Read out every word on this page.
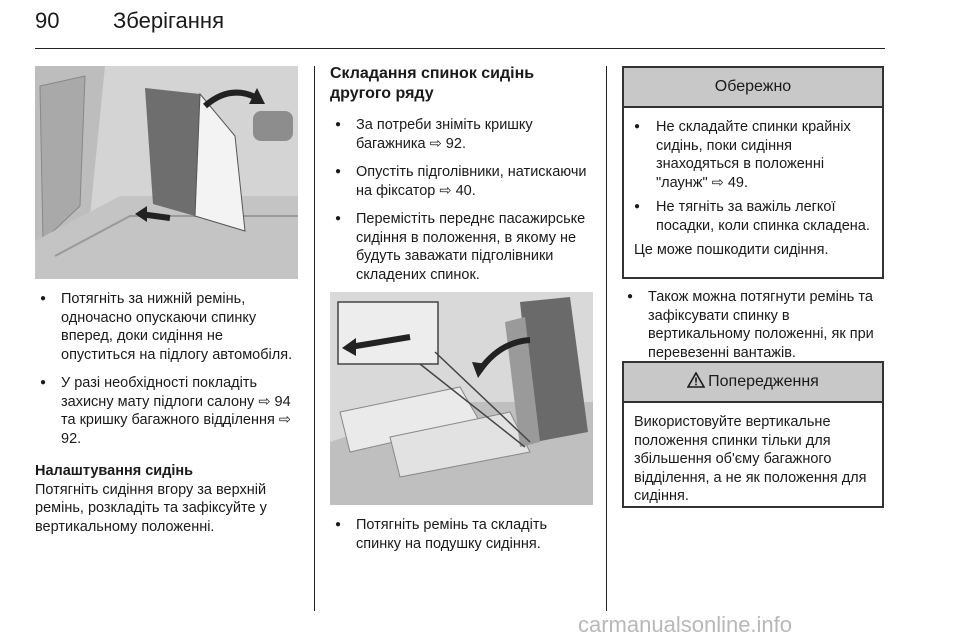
90 Зберігання
● Потягніть за нижній ремінь, одночасно опускаючи спинку вперед, доки сидіння не опуститься на підлогу автомобіля.
● У разі необхідності покладіть захисну мату підлоги салону ⇨ 94 та кришку багажного відділення ⇨ 92.
Налаштування сидінь
Потягніть сидіння вгору за верхній ремінь, розкладіть та зафіксуйте у вертикальному положенні.
Складання спинок сидінь другого ряду
● За потреби зніміть кришку багажника ⇨ 92.
● Опустіть підголівники, натискаючи на фіксатор ⇨ 40.
● Перемістіть переднє пасажирське сидіння в положення, в якому не будуть заважати підголівники складених спинок.
● Потягніть ремінь та складіть спинку на подушку сидіння.
Обережно
● Не складайте спинки крайніх сидінь, поки сидіння знаходяться в положенні "лаунж" ⇨ 49.
● Не тягніть за важіль легкої посадки, коли спинка складена.
Це може пошкодити сидіння.
● Також можна потягнути ремінь та зафіксувати спинку в вертикальному положенні, як при перевезенні вантажів.
Попередження
Використовуйте вертикальне положення спинки тільки для збільшення об'єму багажного відділення, а не як положення для сидіння.
carmanualsonline.info
